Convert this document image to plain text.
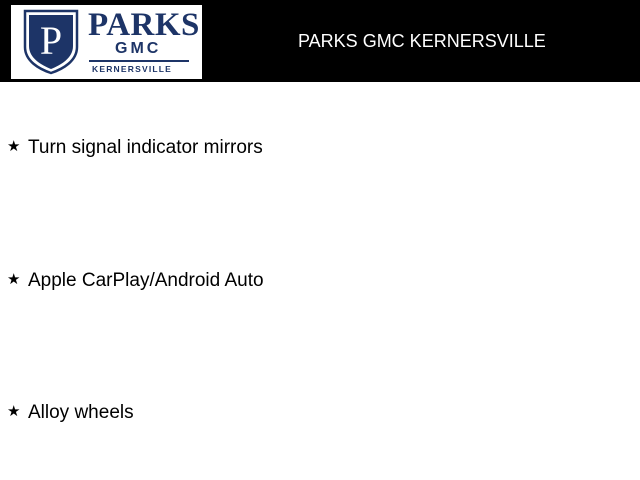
P PARKS
GMC
KERNERSVILLE
PARKS GMC KERNERSVILLE
★ Turn signal indicator mirrors
★ Apple CarPlay/Android Auto
★ Alloy wheels
